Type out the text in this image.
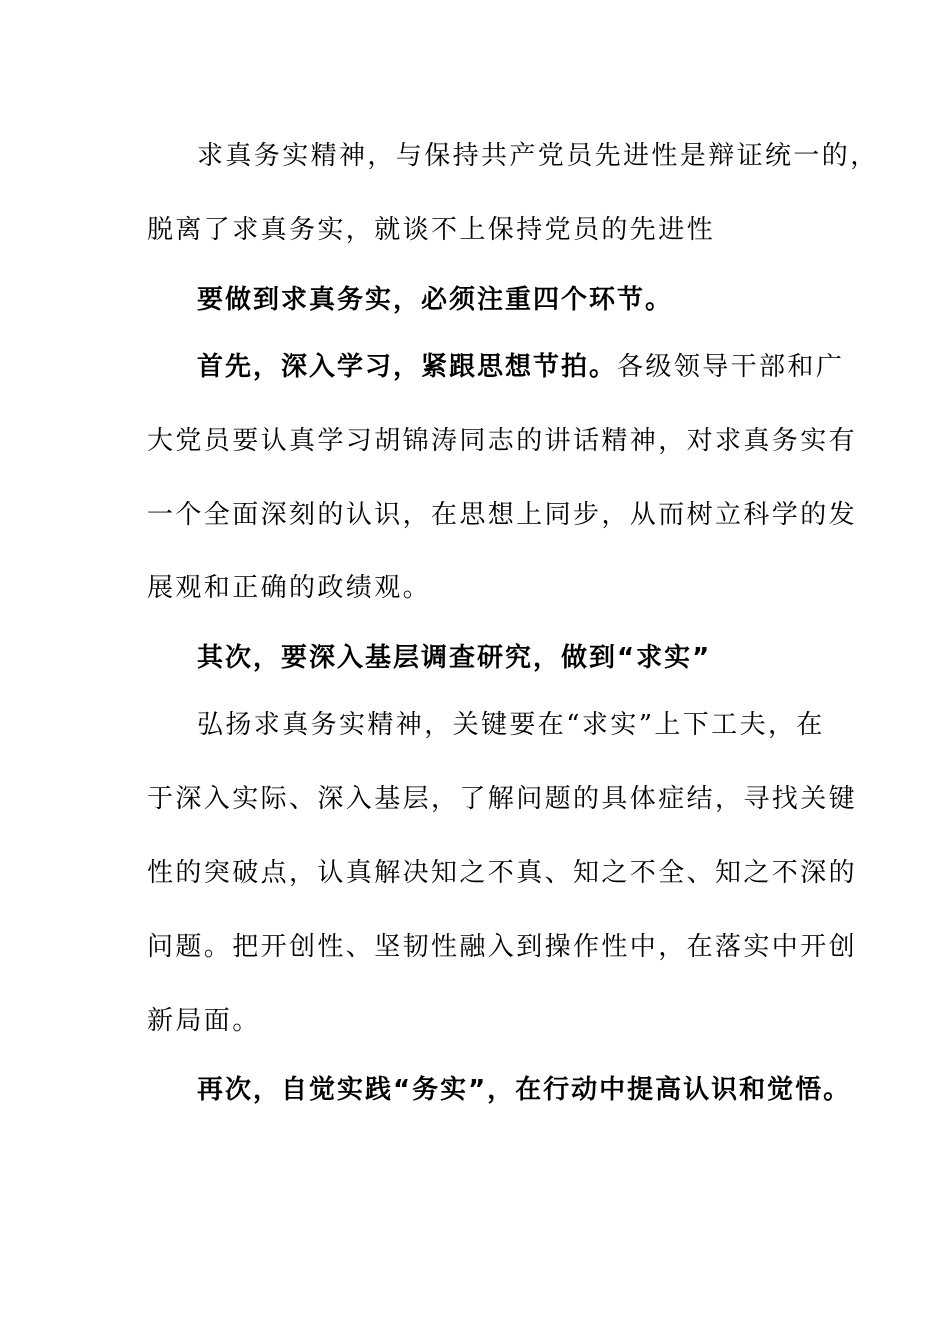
求真务实精神，与保持共产党员先进性是辩证统一的，
脱离了求真务实，就谈不上保持党员的先进性
要做到求真务实，必须注重四个环节。
首先，深入学习，紧跟思想节拍。各级领导干部和广
大党员要认真学习胡锦涛同志的讲话精神，对求真务实有
一个全面深刻的认识，在思想上同步，从而树立科学的发
展观和正确的政绩观。
其次，要深入基层调查研究，做到“求实”
弘扬求真务实精神，关键要在“求实”上下工夫，在
于深入实际、深入基层，了解问题的具体症结，寻找关键
性的突破点，认真解决知之不真、知之不全、知之不深的
问题。把开创性、坚韧性融入到操作性中，在落实中开创
新局面。
再次，自觉实践“务实”，在行动中提高认识和觉悟。
